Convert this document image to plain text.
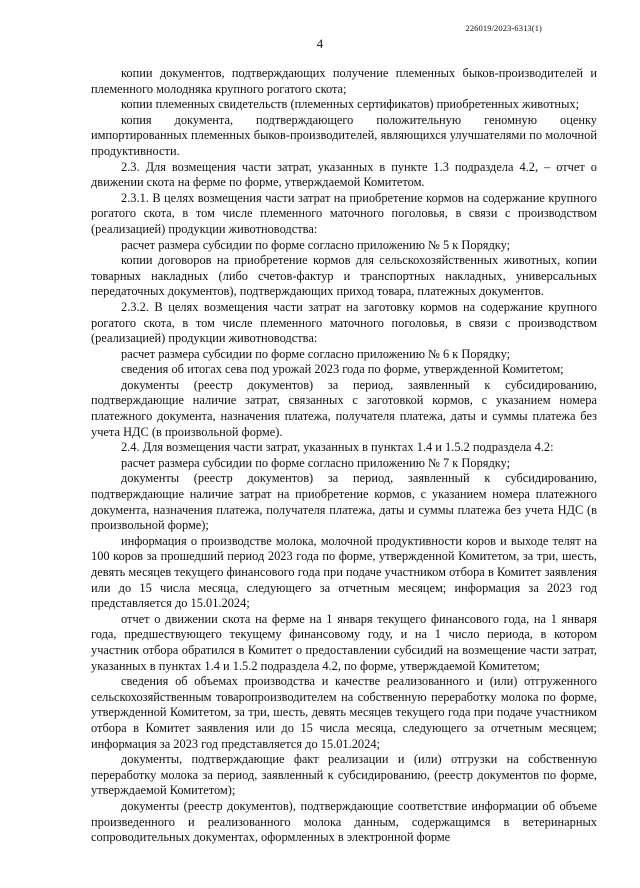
226019/2023-6313(1)
4

копии документов, подтверждающих получение племенных быков-производителей и племенного молодняка крупного рогатого скота;

копии племенных свидетельств (племенных сертификатов) приобретенных животных;

копия документа, подтверждающего положительную геномную оценку импортированных племенных быков-производителей, являющихся улучшателями по молочной продуктивности.

2.3. Для возмещения части затрат, указанных в пункте 1.3 подраздела 4.2, – отчет о движении скота на ферме по форме, утверждаемой Комитетом.

2.3.1. В целях возмещения части затрат на приобретение кормов на содержание крупного рогатого скота, в том числе племенного маточного поголовья, в связи с производством (реализацией) продукции животноводства:

расчет размера субсидии по форме согласно приложению № 5 к Порядку;

копии договоров на приобретение кормов для сельскохозяйственных животных, копии товарных накладных (либо счетов-фактур и транспортных накладных, универсальных передаточных документов), подтверждающих приход товара, платежных документов.

2.3.2. В целях возмещения части затрат на заготовку кормов на содержание крупного рогатого скота, в том числе племенного маточного поголовья, в связи с производством (реализацией) продукции животноводства:

расчет размера субсидии по форме согласно приложению № 6 к Порядку;

сведения об итогах сева под урожай 2023 года по форме, утвержденной Комитетом;

документы (реестр документов) за период, заявленный к субсидированию, подтверждающие наличие затрат, связанных с заготовкой кормов, с указанием номера платежного документа, назначения платежа, получателя платежа, даты и суммы платежа без учета НДС (в произвольной форме).

2.4. Для возмещения части затрат, указанных в пунктах 1.4 и 1.5.2 подраздела 4.2:

расчет размера субсидии по форме согласно приложению № 7 к Порядку;

документы (реестр документов) за период, заявленный к субсидированию, подтверждающие наличие затрат на приобретение кормов, с указанием номера платежного документа, назначения платежа, получателя платежа, даты и суммы платежа без учета НДС (в произвольной форме);

информация о производстве молока, молочной продуктивности коров и выходе телят на 100 коров за прошедший период 2023 года по форме, утвержденной Комитетом, за три, шесть, девять месяцев текущего финансового года при подаче участником отбора в Комитет заявления или до 15 числа месяца, следующего за отчетным месяцем; информация за 2023 год представляется до 15.01.2024;

отчет о движении скота на ферме на 1 января текущего финансового года, на 1 января года, предшествующего текущему финансовому году, и на 1 число периода, в котором участник отбора обратился в Комитет о предоставлении субсидий на возмещение части затрат, указанных в пунктах 1.4 и 1.5.2 подраздела 4.2, по форме, утверждаемой Комитетом;

сведения об объемах производства и качестве реализованного и (или) отгруженного сельскохозяйственным товаропроизводителем на собственную переработку молока по форме, утвержденной Комитетом, за три, шесть, девять месяцев текущего года при подаче участником отбора в Комитет заявления или до 15 числа месяца, следующего за отчетным месяцем; информация за 2023 год представляется до 15.01.2024;

документы, подтверждающие факт реализации и (или) отгрузки на собственную переработку молока за период, заявленный к субсидированию, (реестр документов по форме, утверждаемой Комитетом);

документы (реестр документов), подтверждающие соответствие информации об объеме произведенного и реализованного молока данным, содержащимся в ветеринарных сопроводительных документах, оформленных в электронной форме
